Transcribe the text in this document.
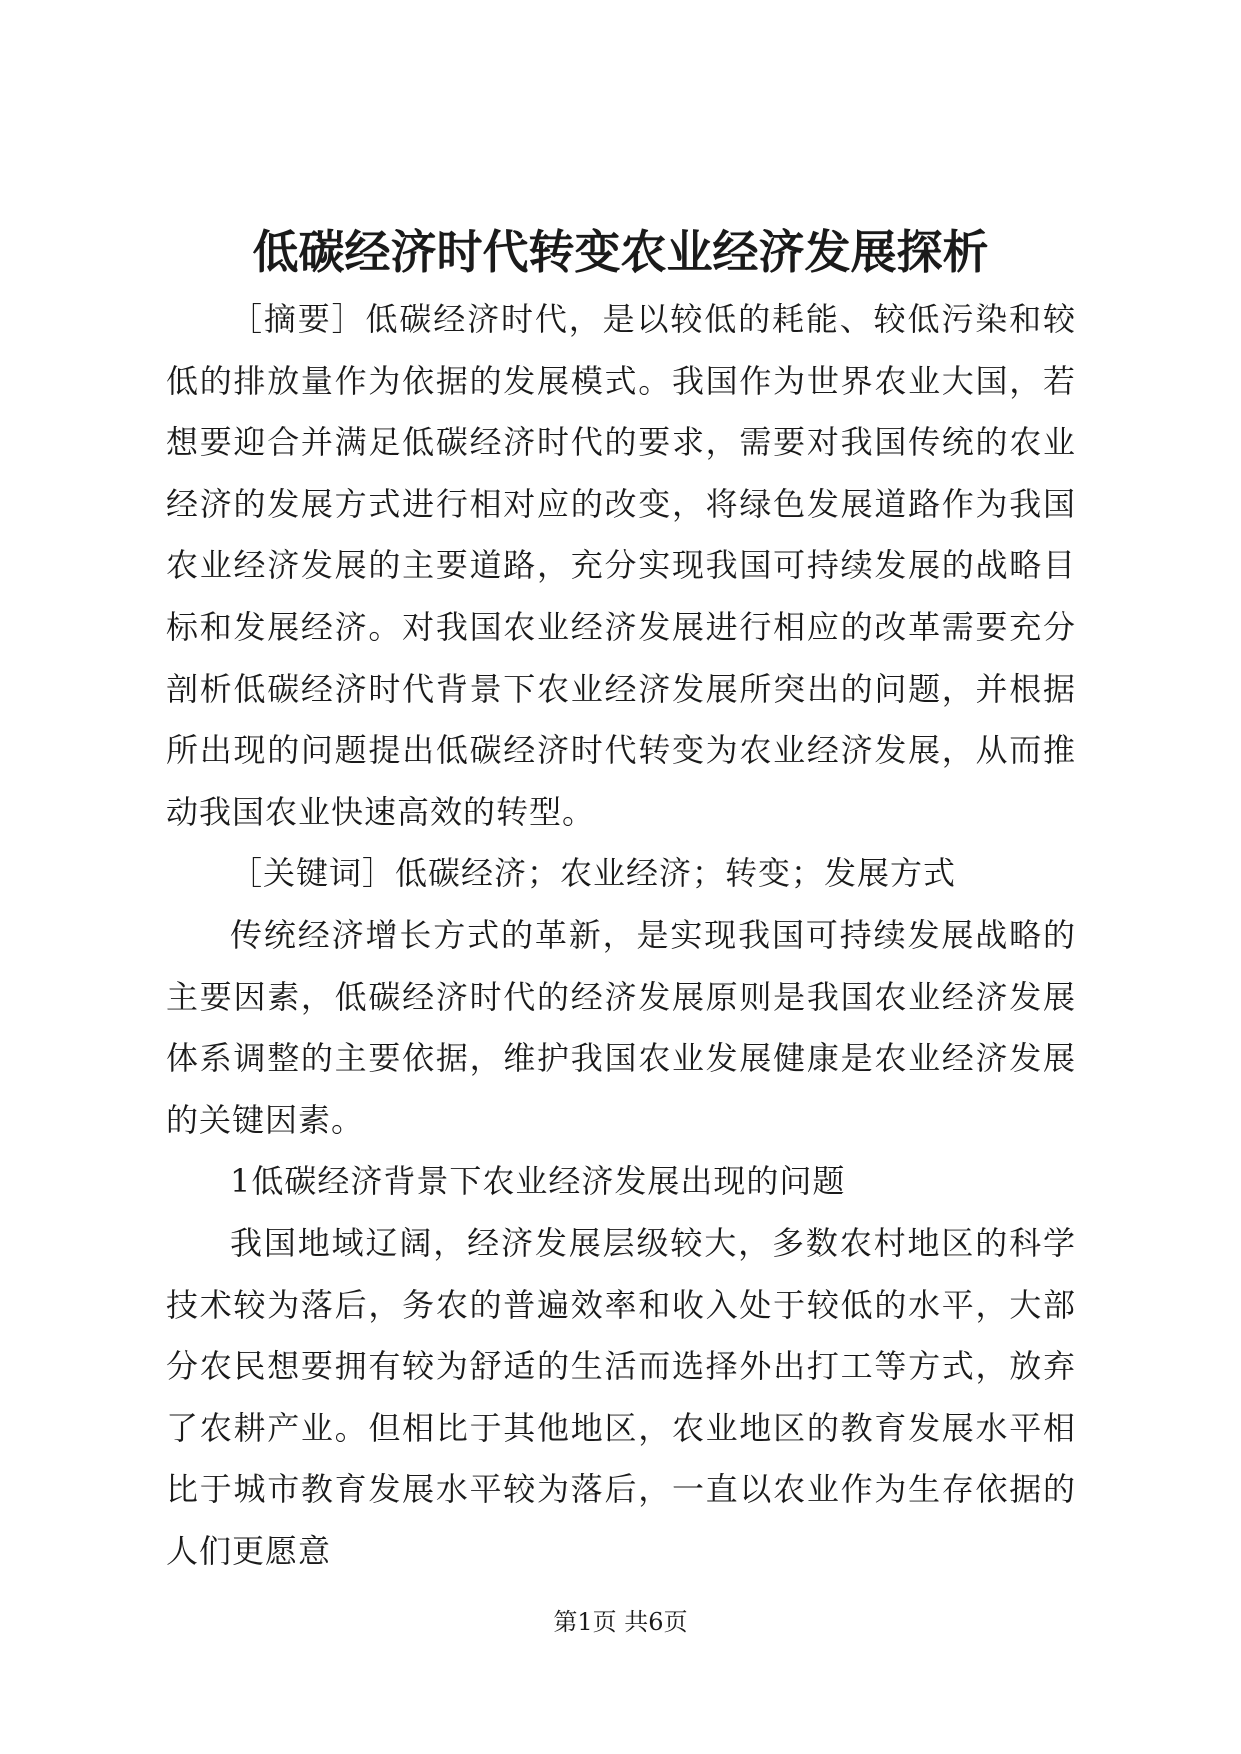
低碳经济时代转变农业经济发展探析

［摘要］低碳经济时代，是以较低的耗能、较低污染和较低的排放量作为依据的发展模式。我国作为世界农业大国，若想要迎合并满足低碳经济时代的要求，需要对我国传统的农业经济的发展方式进行相对应的改变，将绿色发展道路作为我国农业经济发展的主要道路，充分实现我国可持续发展的战略目标和发展经济。对我国农业经济发展进行相应的改革需要充分剖析低碳经济时代背景下农业经济发展所突出的问题，并根据所出现的问题提出低碳经济时代转变为农业经济发展，从而推动我国农业快速高效的转型。

［关键词］低碳经济；农业经济；转变；发展方式

传统经济增长方式的革新，是实现我国可持续发展战略的主要因素，低碳经济时代的经济发展原则是我国农业经济发展体系调整的主要依据，维护我国农业发展健康是农业经济发展的关键因素。

1低碳经济背景下农业经济发展出现的问题

我国地域辽阔，经济发展层级较大，多数农村地区的科学技术较为落后，务农的普遍效率和收入处于较低的水平，大部分农民想要拥有较为舒适的生活而选择外出打工等方式，放弃了农耕产业。但相比于其他地区，农业地区的教育发展水平相比于城市教育发展水平较为落后，一直以农业作为生存依据的人们更愿意

第1页 共6页
